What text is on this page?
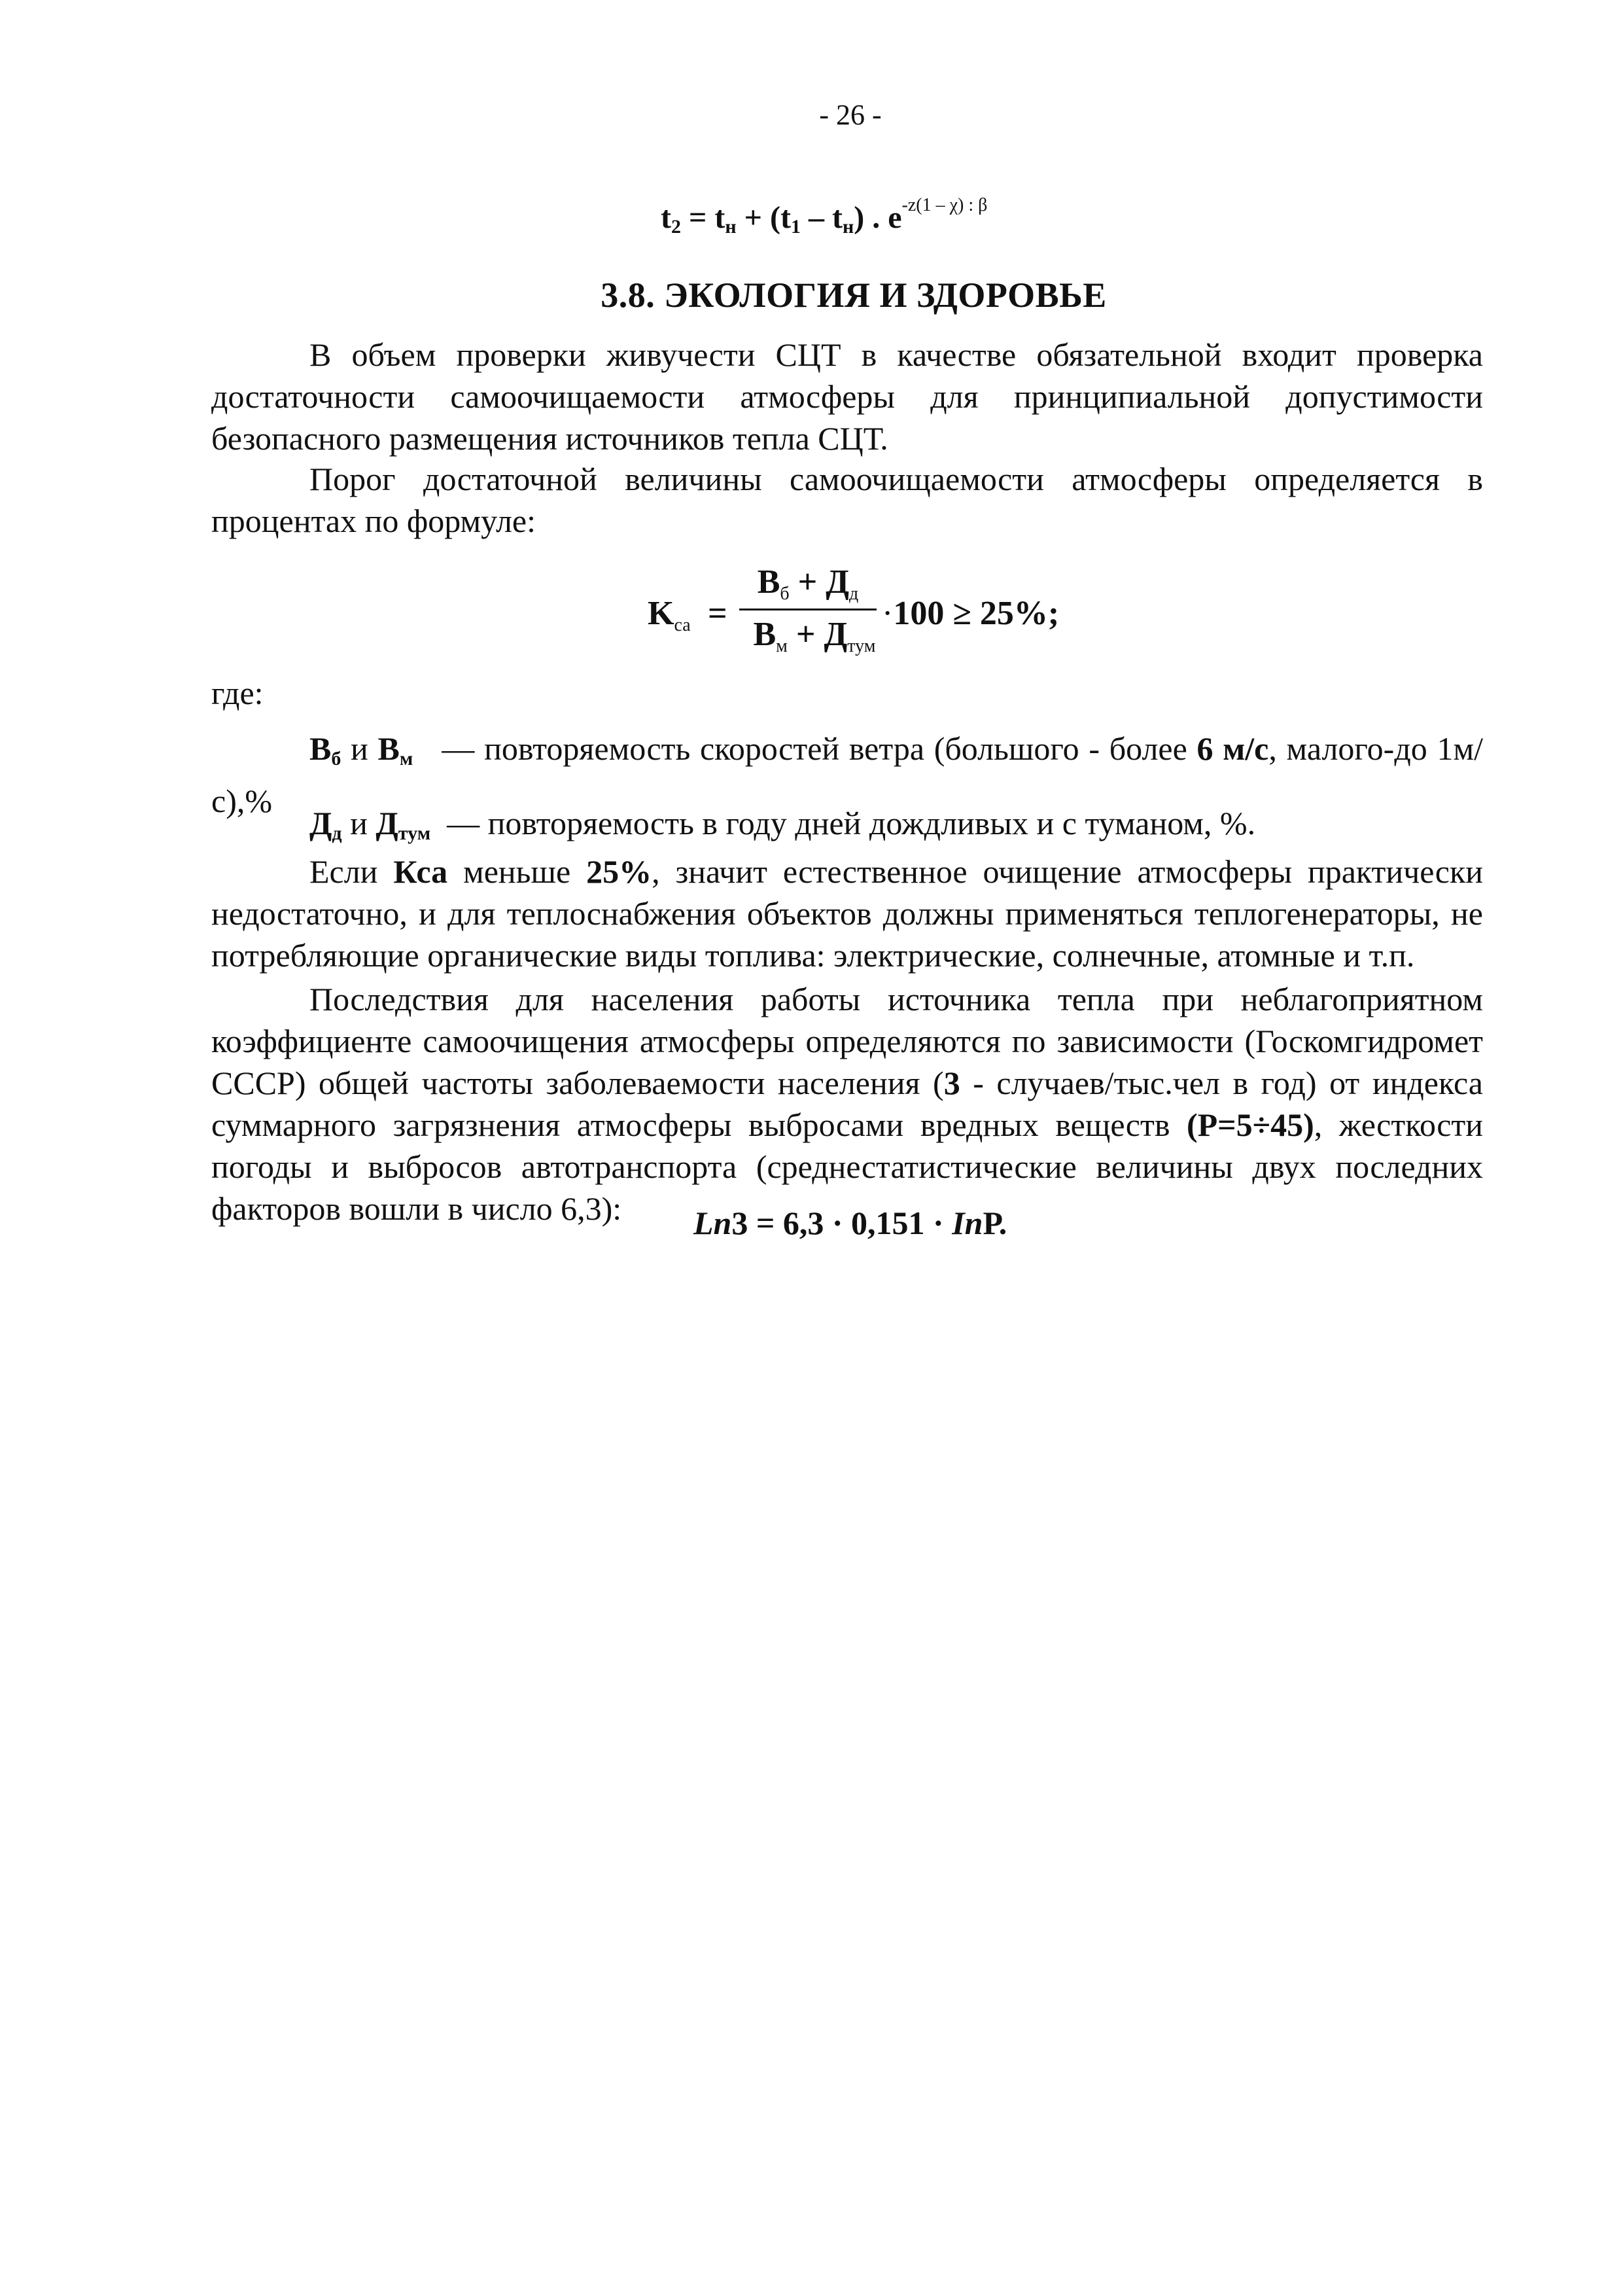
- 26 -
$t_2 = t_н + (t_1 - t_н)$ . $e^{-z(1 - \chi) : \beta}$
3.8. ЭКОЛОГИЯ И ЗДОРОВЬЕ
В объем проверки живучести СЦТ в качестве обязательной входит проверка достаточности самоочищаемости атмосферы для принципиальной допустимости безопасного размещения источников тепла СЦТ.
Порог достаточной величины самоочищаемости атмосферы определяется в процентах по формуле:
$K_{са}$ =
$В_б + Д_д$
$В_м + Д_{тум}$
·100 ≥ 25%;
где:
$В_б$ и $В_м$   — повторяемость скоростей ветра (большого - более 6 м/с, малого-до 1м/с),%
$Д_д$ и $Д_{тум}$  — повторяемость в году дней дождливых и с туманом, %.
Если Кса меньше 25%, значит естественное очищение атмосферы практически недостаточно, и для теплоснабжения объектов должны применяться теплогенераторы, не потребляющие органические виды топлива: электрические, солнечные, атомные и т.п.
Последствия для населения работы источника тепла при неблагоприятном коэффициенте самоочищения атмосферы определяются по зависимости (Госкомгидромет СССР) общей частоты заболеваемости населения (3 - случаев/тыс.чел в год) от индекса суммарного загрязнения атмосферы выбросами вредных веществ (Р=5÷45), жесткости погоды и выбросов автотранспорта (среднестатистические величины двух последних факторов вошли в число 6,3):	Ln3 = 6,3 · 0,151 · InР.
